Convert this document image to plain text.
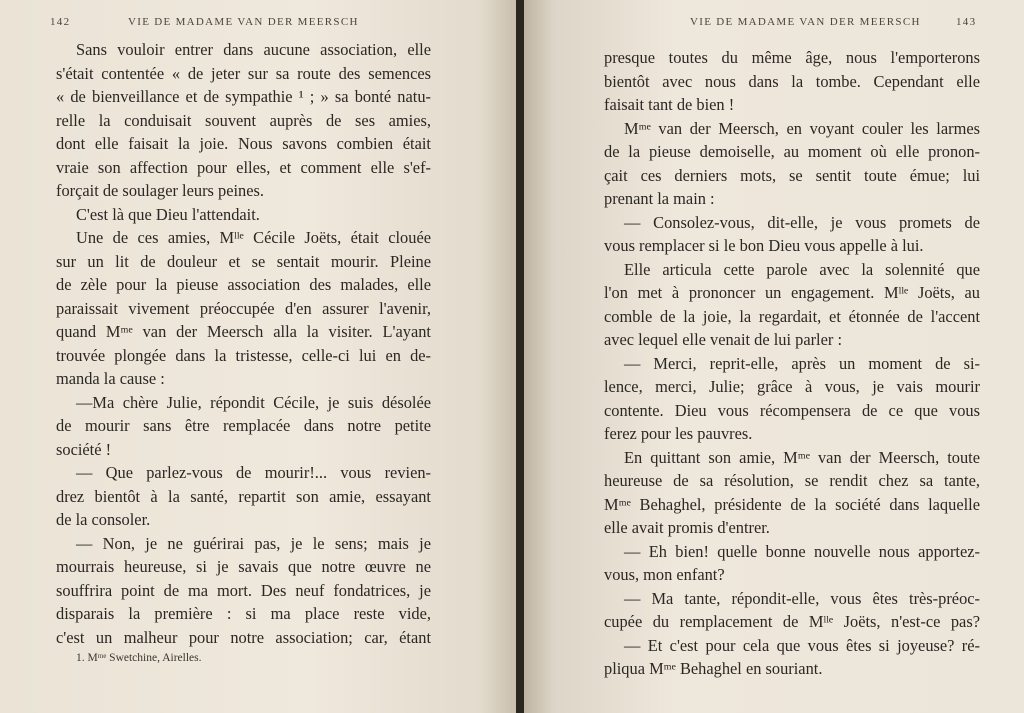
142	VIE DE MADAME VAN DER MEERSCH
Sans vouloir entrer dans aucune association, elle
s'était contentée « de jeter sur sa route des semences
« de bienveillance et de sympathie ¹ ; » sa bonté natu-
relle la conduisait souvent auprès de ses amies,
dont elle faisait la joie. Nous savons combien était
vraie son affection pour elles, et comment elle s'ef-
forçait de soulager leurs peines.
C'est là que Dieu l'attendait.
Une de ces amies, Mˡˡᵉ Cécile Joëts, était clouée
sur un lit de douleur et se sentait mourir. Pleine
de zèle pour la pieuse association des malades, elle
paraissait vivement préoccupée d'en assurer l'avenir,
quand Mᵐᵉ van der Meersch alla la visiter. L'ayant
trouvée plongée dans la tristesse, celle-ci lui en de-
manda la cause :
—Ma chère Julie, répondit Cécile, je suis désolée
de mourir sans être remplacée dans notre petite
société !
— Que parlez-vous de mourir!... vous revien-
drez bientôt à la santé, repartit son amie, essayant
de la consoler.
— Non, je ne guérirai pas, je le sens; mais je
mourrais heureuse, si je savais que notre œuvre ne
souffrira point de ma mort. Des neuf fondatrices, je
disparais la première : si ma place reste vide,
c'est un malheur pour notre association; car, étant
1. Mᵐᵉ Swetchine, Airelles.
VIE DE MADAME VAN DER MEERSCH	143
presque toutes du même âge, nous l'emporterons
bientôt avec nous dans la tombe. Cependant elle
faisait tant de bien !
Mᵐᵉ van der Meersch, en voyant couler les larmes
de la pieuse demoiselle, au moment où elle pronon-
çait ces derniers mots, se sentit toute émue; lui
prenant la main :
— Consolez-vous, dit-elle, je vous promets de
vous remplacer si le bon Dieu vous appelle à lui.
Elle articula cette parole avec la solennité que
l'on met à prononcer un engagement. Mˡˡᵉ Joëts, au
comble de la joie, la regardait, et étonnée de l'accent
avec lequel elle venait de lui parler :
— Merci, reprit-elle, après un moment de si-
lence, merci, Julie; grâce à vous, je vais mourir
contente. Dieu vous récompensera de ce que vous
ferez pour les pauvres.
En quittant son amie, Mᵐᵉ van der Meersch, toute
heureuse de sa résolution, se rendit chez sa tante,
Mᵐᵉ Behaghel, présidente de la société dans laquelle
elle avait promis d'entrer.
— Eh bien! quelle bonne nouvelle nous apportez-
vous, mon enfant?
— Ma tante, répondit-elle, vous êtes très-préoc-
cupée du remplacement de Mˡˡᵉ Joëts, n'est-ce pas?
— Et c'est pour cela que vous êtes si joyeuse? ré-
pliqua Mᵐᵉ Behaghel en souriant.
